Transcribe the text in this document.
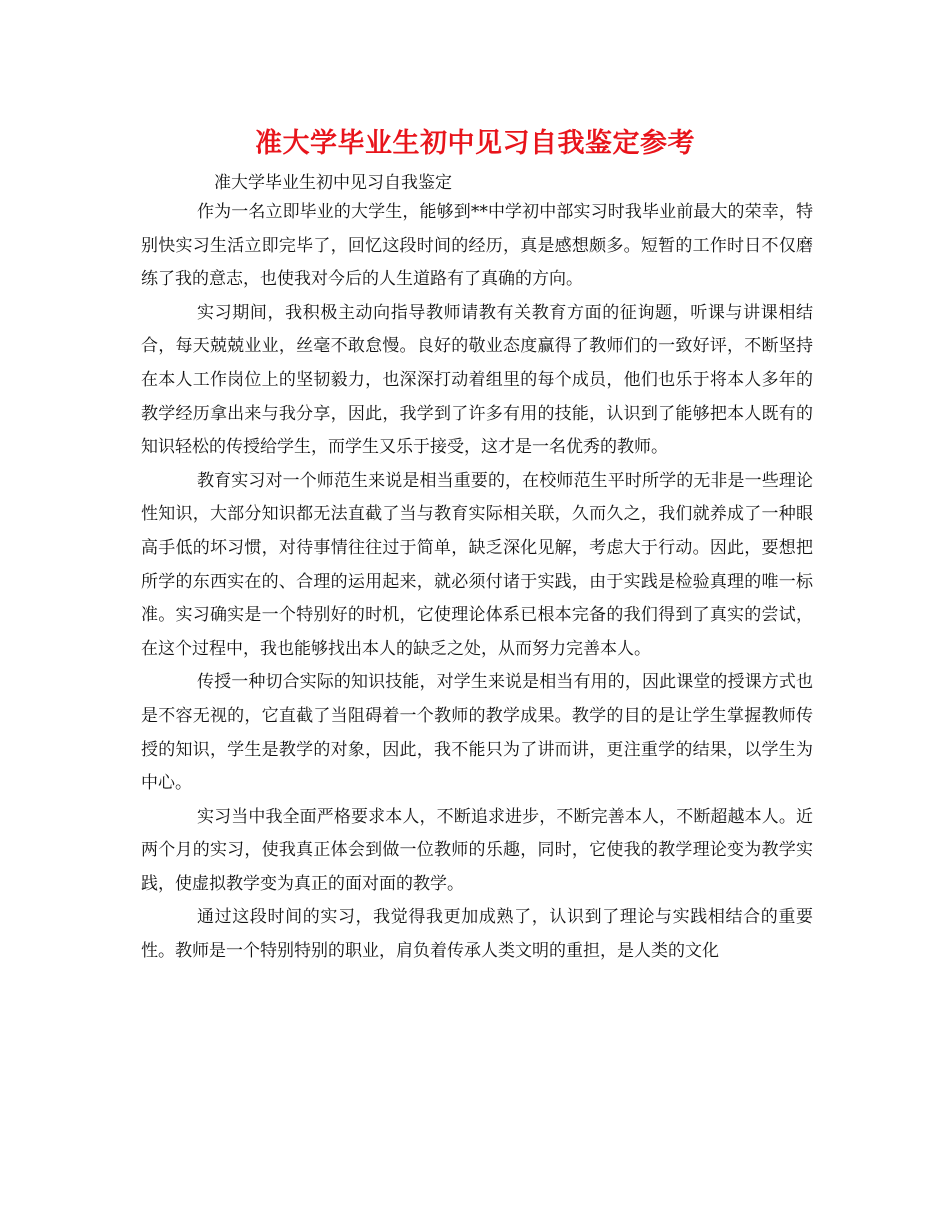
准大学毕业生初中见习自我鉴定参考
准大学毕业生初中见习自我鉴定

作为一名立即毕业的大学生，能够到**中学初中部实习时我毕业前最大的荣幸，特别快实习生活立即完毕了，回忆这段时间的经历，真是感想颇多。短暂的工作时日不仅磨练了我的意志，也使我对今后的人生道路有了真确的方向。

实习期间，我积极主动向指导教师请教有关教育方面的征询题，听课与讲课相结合，每天兢兢业业，丝毫不敢怠慢。良好的敬业态度赢得了教师们的一致好评，不断坚持在本人工作岗位上的坚韧毅力，也深深打动着组里的每个成员，他们也乐于将本人多年的教学经历拿出来与我分享，因此，我学到了许多有用的技能，认识到了能够把本人既有的知识轻松的传授给学生，而学生又乐于接受，这才是一名优秀的教师。

教育实习对一个师范生来说是相当重要的，在校师范生平时所学的无非是一些理论性知识，大部分知识都无法直截了当与教育实际相关联，久而久之，我们就养成了一种眼高手低的坏习惯，对待事情往往过于简单，缺乏深化见解，考虑大于行动。因此，要想把所学的东西实在的、合理的运用起来，就必须付诸于实践，由于实践是检验真理的唯一标准。实习确实是一个特别好的时机，它使理论体系已根本完备的我们得到了真实的尝试，在这个过程中，我也能够找出本人的缺乏之处，从而努力完善本人。

传授一种切合实际的知识技能，对学生来说是相当有用的，因此课堂的授课方式也是不容无视的，它直截了当阻碍着一个教师的教学成果。教学的目的是让学生掌握教师传授的知识，学生是教学的对象，因此，我不能只为了讲而讲，更注重学的结果，以学生为中心。

实习当中我全面严格要求本人，不断追求进步，不断完善本人，不断超越本人。近两个月的实习，使我真正体会到做一位教师的乐趣，同时，它使我的教学理论变为教学实践，使虚拟教学变为真正的面对面的教学。

通过这段时间的实习，我觉得我更加成熟了，认识到了理论与实践相结合的重要性。教师是一个特别特别的职业，肩负着传承人类文明的重担，是人类的文化
